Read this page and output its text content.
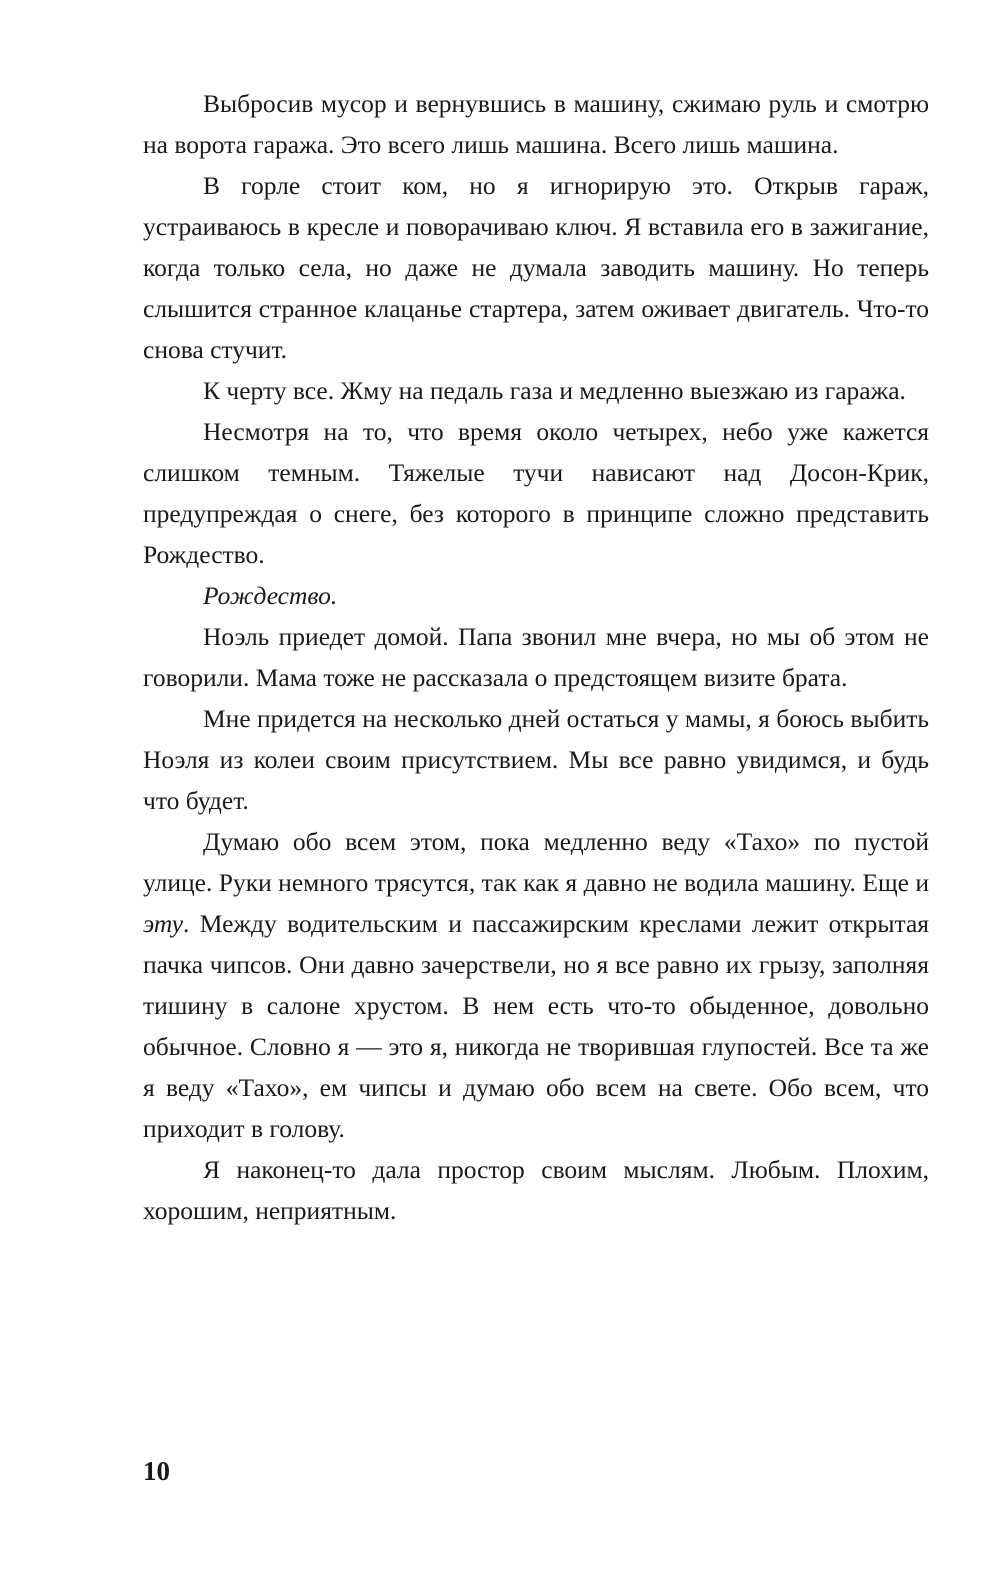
Выбросив мусор и вернувшись в машину, сжимаю руль и смотрю на ворота гаража. Это всего лишь машина. Всего лишь машина.

В горле стоит ком, но я игнорирую это. Открыв гараж, устраиваюсь в кресле и поворачиваю ключ. Я вставила его в зажигание, когда только села, но даже не думала заводить машину. Но теперь слышится странное клацанье стартера, затем оживает двигатель. Что-то снова стучит.

К черту все. Жму на педаль газа и медленно выезжаю из гаража.

Несмотря на то, что время около четырех, небо уже кажется слишком темным. Тяжелые тучи нависают над Досон-Крик, предупреждая о снеге, без которого в принципе сложно представить Рождество.

Рождество.

Ноэль приедет домой. Папа звонил мне вчера, но мы об этом не говорили. Мама тоже не рассказала о предстоящем визите брата.

Мне придется на несколько дней остаться у мамы, я боюсь выбить Ноэля из колеи своим присутствием. Мы все равно увидимся, и будь что будет.

Думаю обо всем этом, пока медленно веду «Тахо» по пустой улице. Руки немного трясутся, так как я давно не водила машину. Еще и эту. Между водительским и пассажирским креслами лежит открытая пачка чипсов. Они давно зачерствели, но я все равно их грызу, заполняя тишину в салоне хрустом. В нем есть что-то обыденное, довольно обычное. Словно я — это я, никогда не творившая глупостей. Все та же я веду «Тахо», ем чипсы и думаю обо всем на свете. Обо всем, что приходит в голову.

Я наконец-то дала простор своим мыслям. Любым. Плохим, хорошим, неприятным.

10
